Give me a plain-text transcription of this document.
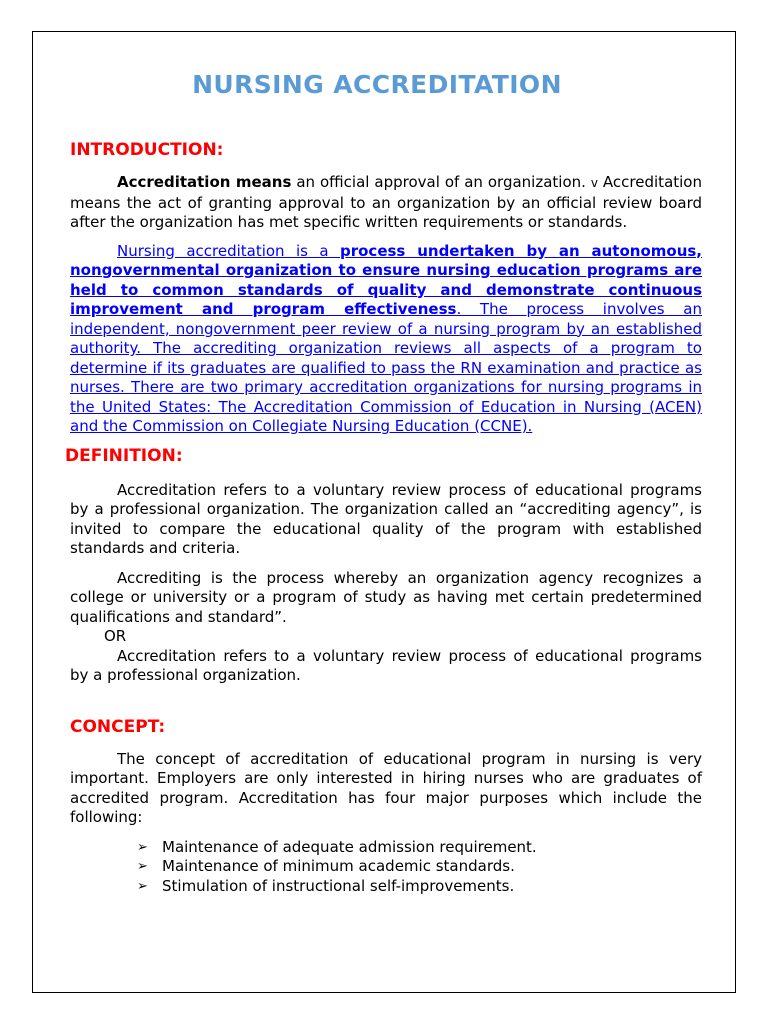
NURSING ACCREDITATION
INTRODUCTION:

Accreditation means an official approval of an organization. v Accreditation means the act of granting approval to an organization by an official review board after the organization has met specific written requirements or standards.

Nursing accreditation is a process undertaken by an autonomous, nongovernmental organization to ensure nursing education programs are held to common standards of quality and demonstrate continuous improvement and program effectiveness. The process involves an independent, nongovernment peer review of a nursing program by an established authority. The accrediting organization reviews all aspects of a program to determine if its graduates are qualified to pass the RN examination and practice as nurses. There are two primary accreditation organizations for nursing programs in the United States: The Accreditation Commission of Education in Nursing (ACEN) and the Commission on Collegiate Nursing Education (CCNE).

DEFINITION:

Accreditation refers to a voluntary review process of educational programs by a professional organization. The organization called an “accrediting agency”, is invited to compare the educational quality of the program with established standards and criteria.

Accrediting is the process whereby an organization agency recognizes a college or university or a program of study as having met certain predetermined qualifications and standard”.

OR

Accreditation refers to a voluntary review process of educational programs by a professional organization.

CONCEPT:

The concept of accreditation of educational program in nursing is very important. Employers are only interested in hiring nurses who are graduates of accredited program. Accreditation has four major purposes which include the following:

➢ Maintenance of adequate admission requirement.
➢ Maintenance of minimum academic standards.
➢ Stimulation of instructional self-improvements.
